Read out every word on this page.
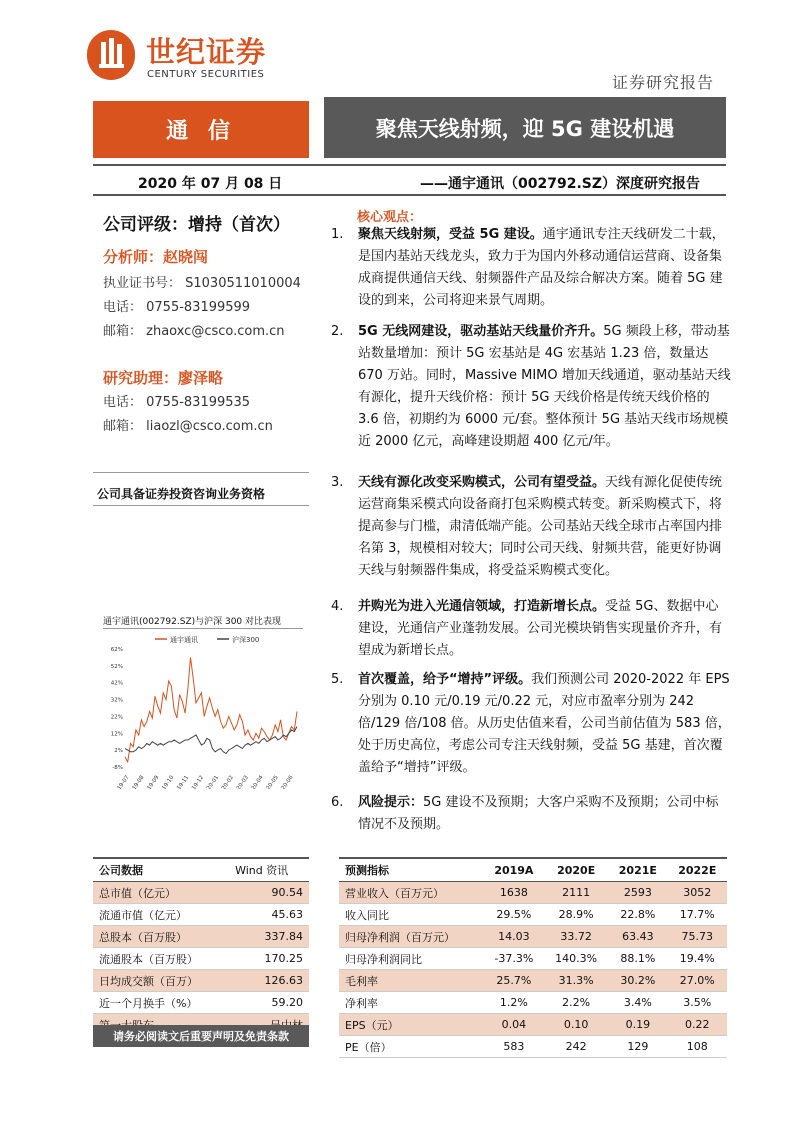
世纪证券
CENTURY SECURITIES	证券研究报告
通 信	聚焦天线射频，迎 5G 建设机遇
2020 年 07 月 08 日	——通宇通讯（002792.SZ）深度研究报告
公司评级：增持（首次）
分析师：赵晓闯
执业证书号： S1030511010004
电话： 0755-83199599
邮箱： zhaoxc@csco.com.cn
研究助理：廖泽略
电话： 0755-83199535
邮箱： liaozl@csco.com.cn
公司具备证券投资咨询业务资格
通宇通讯(002792.SZ)与沪深 300 对比表现
通宇通讯	沪深300
62%
52%
42%
32%
22%
12%
2%
-8%
19-07 19-08 19-09 19-10 19-11 19-12 20-01 20-02 20-03 20-04 20-05 20-06
核心观点：
1. 聚焦天线射频，受益 5G 建设。通宇通讯专注天线研发二十载，是国内基站天线龙头，致力于为国内外移动通信运营商、设备集成商提供通信天线、射频器件产品及综合解决方案。随着 5G 建设的到来，公司将迎来景气周期。
2. 5G 无线网建设，驱动基站天线量价齐升。5G 频段上移，带动基站数量增加：预计 5G 宏基站是 4G 宏基站 1.23 倍，数量达 670 万站。同时，Massive MIMO 增加天线通道，驱动基站天线有源化，提升天线价格：预计 5G 天线价格是传统天线价格的 3.6 倍，初期约为 6000 元/套。整体预计 5G 基站天线市场规模近 2000 亿元，高峰建设期超 400 亿元/年。
3. 天线有源化改变采购模式，公司有望受益。天线有源化促使传统运营商集采模式向设备商打包采购模式转变。新采购模式下，将提高参与门槛，肃清低端产能。公司基站天线全球市占率国内排名第 3，规模相对较大；同时公司天线、射频共营，能更好协调天线与射频器件集成，将受益采购模式变化。
4. 并购光为进入光通信领域，打造新增长点。受益 5G、数据中心建设，光通信产业蓬勃发展。公司光模块销售实现量价齐升，有望成为新增长点。
5. 首次覆盖，给予“增持”评级。我们预测公司 2020-2022 年 EPS 分别为 0.10 元/0.19 元/0.22 元，对应市盈率分别为 242 倍/129 倍/108 倍。从历史估值来看，公司当前估值为 583 倍，处于历史高位，考虑公司专注天线射频，受益 5G 基建，首次覆盖给予“增持”评级。
6. 风险提示：5G 建设不及预期；大客户采购不及预期；公司中标情况不及预期。
公司数据	Wind 资讯
总市值（亿元）	90.54
流通市值（亿元）	45.63
总股本（百万股）	337.84
流通股本（百万股）	170.25
日均成交额（百万）	126.63
近一个月换手（%）	59.20

请务必阅读文后重要声明及免责条款
预测指标	2019A	2020E	2021E	2022E
营业收入（百万元）	1638	2111	2593	3052
收入同比	29.5%	28.9%	22.8%	17.7%
归母净利润（百万元）	14.03	33.72	63.43	75.73
归母净利润同比	-37.3%	140.3%	88.1%	19.4%
毛利率	25.7%	31.3%	30.2%	27.0%
净利率	1.2%	2.2%	3.4%	3.5%
EPS（元）	0.04	0.10	0.19	0.22
PE（倍）	583	242	129	108
